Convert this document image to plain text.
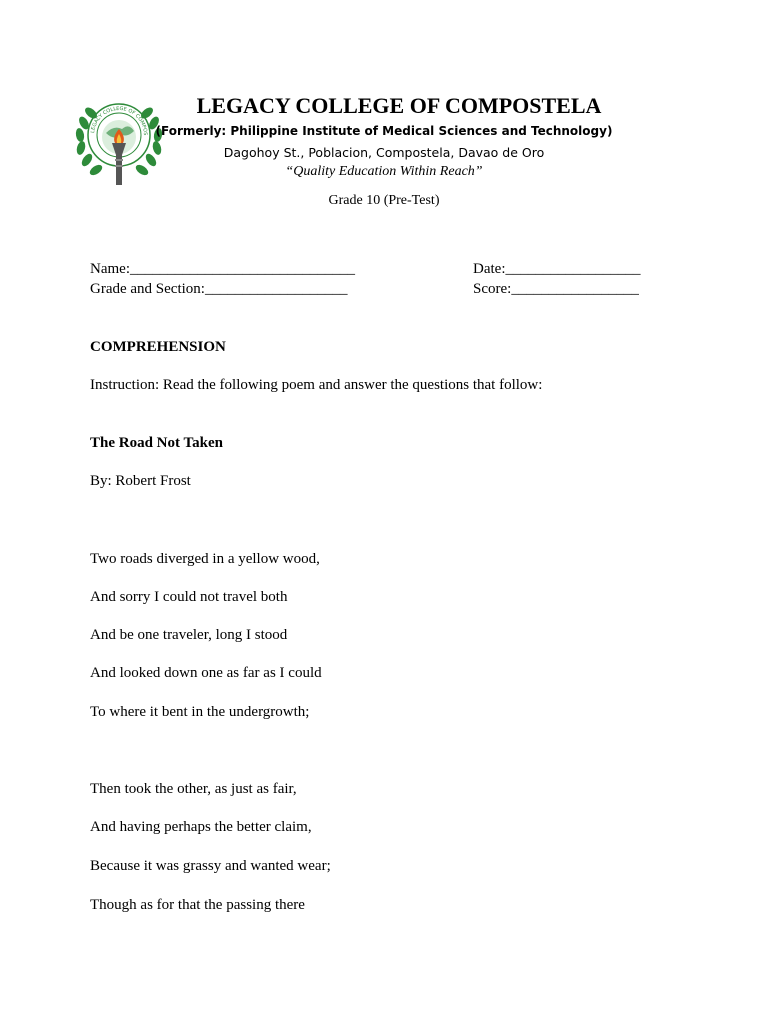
LEGACY COLLEGE OF COMPOS
LEGACY COLLEGE OF COMPOSTELA
(Formerly: Philippine Institute of Medical Sciences and Technology)
Dagohoy St., Poblacion, Compostela, Davao de Oro
“Quality Education Within Reach”
Grade 10 (Pre-Test)
Name:______________________________
Grade and Section:___________________
Date:__________________
Score:_________________
COMPREHENSION
Instruction: Read the following poem and answer the questions that follow:
The Road Not Taken
By: Robert Frost
Two roads diverged in a yellow wood,
And sorry I could not travel both
And be one traveler, long I stood
And looked down one as far as I could
To where it bent in the undergrowth;
Then took the other, as just as fair,
And having perhaps the better claim,
Because it was grassy and wanted wear;
Though as for that the passing there
